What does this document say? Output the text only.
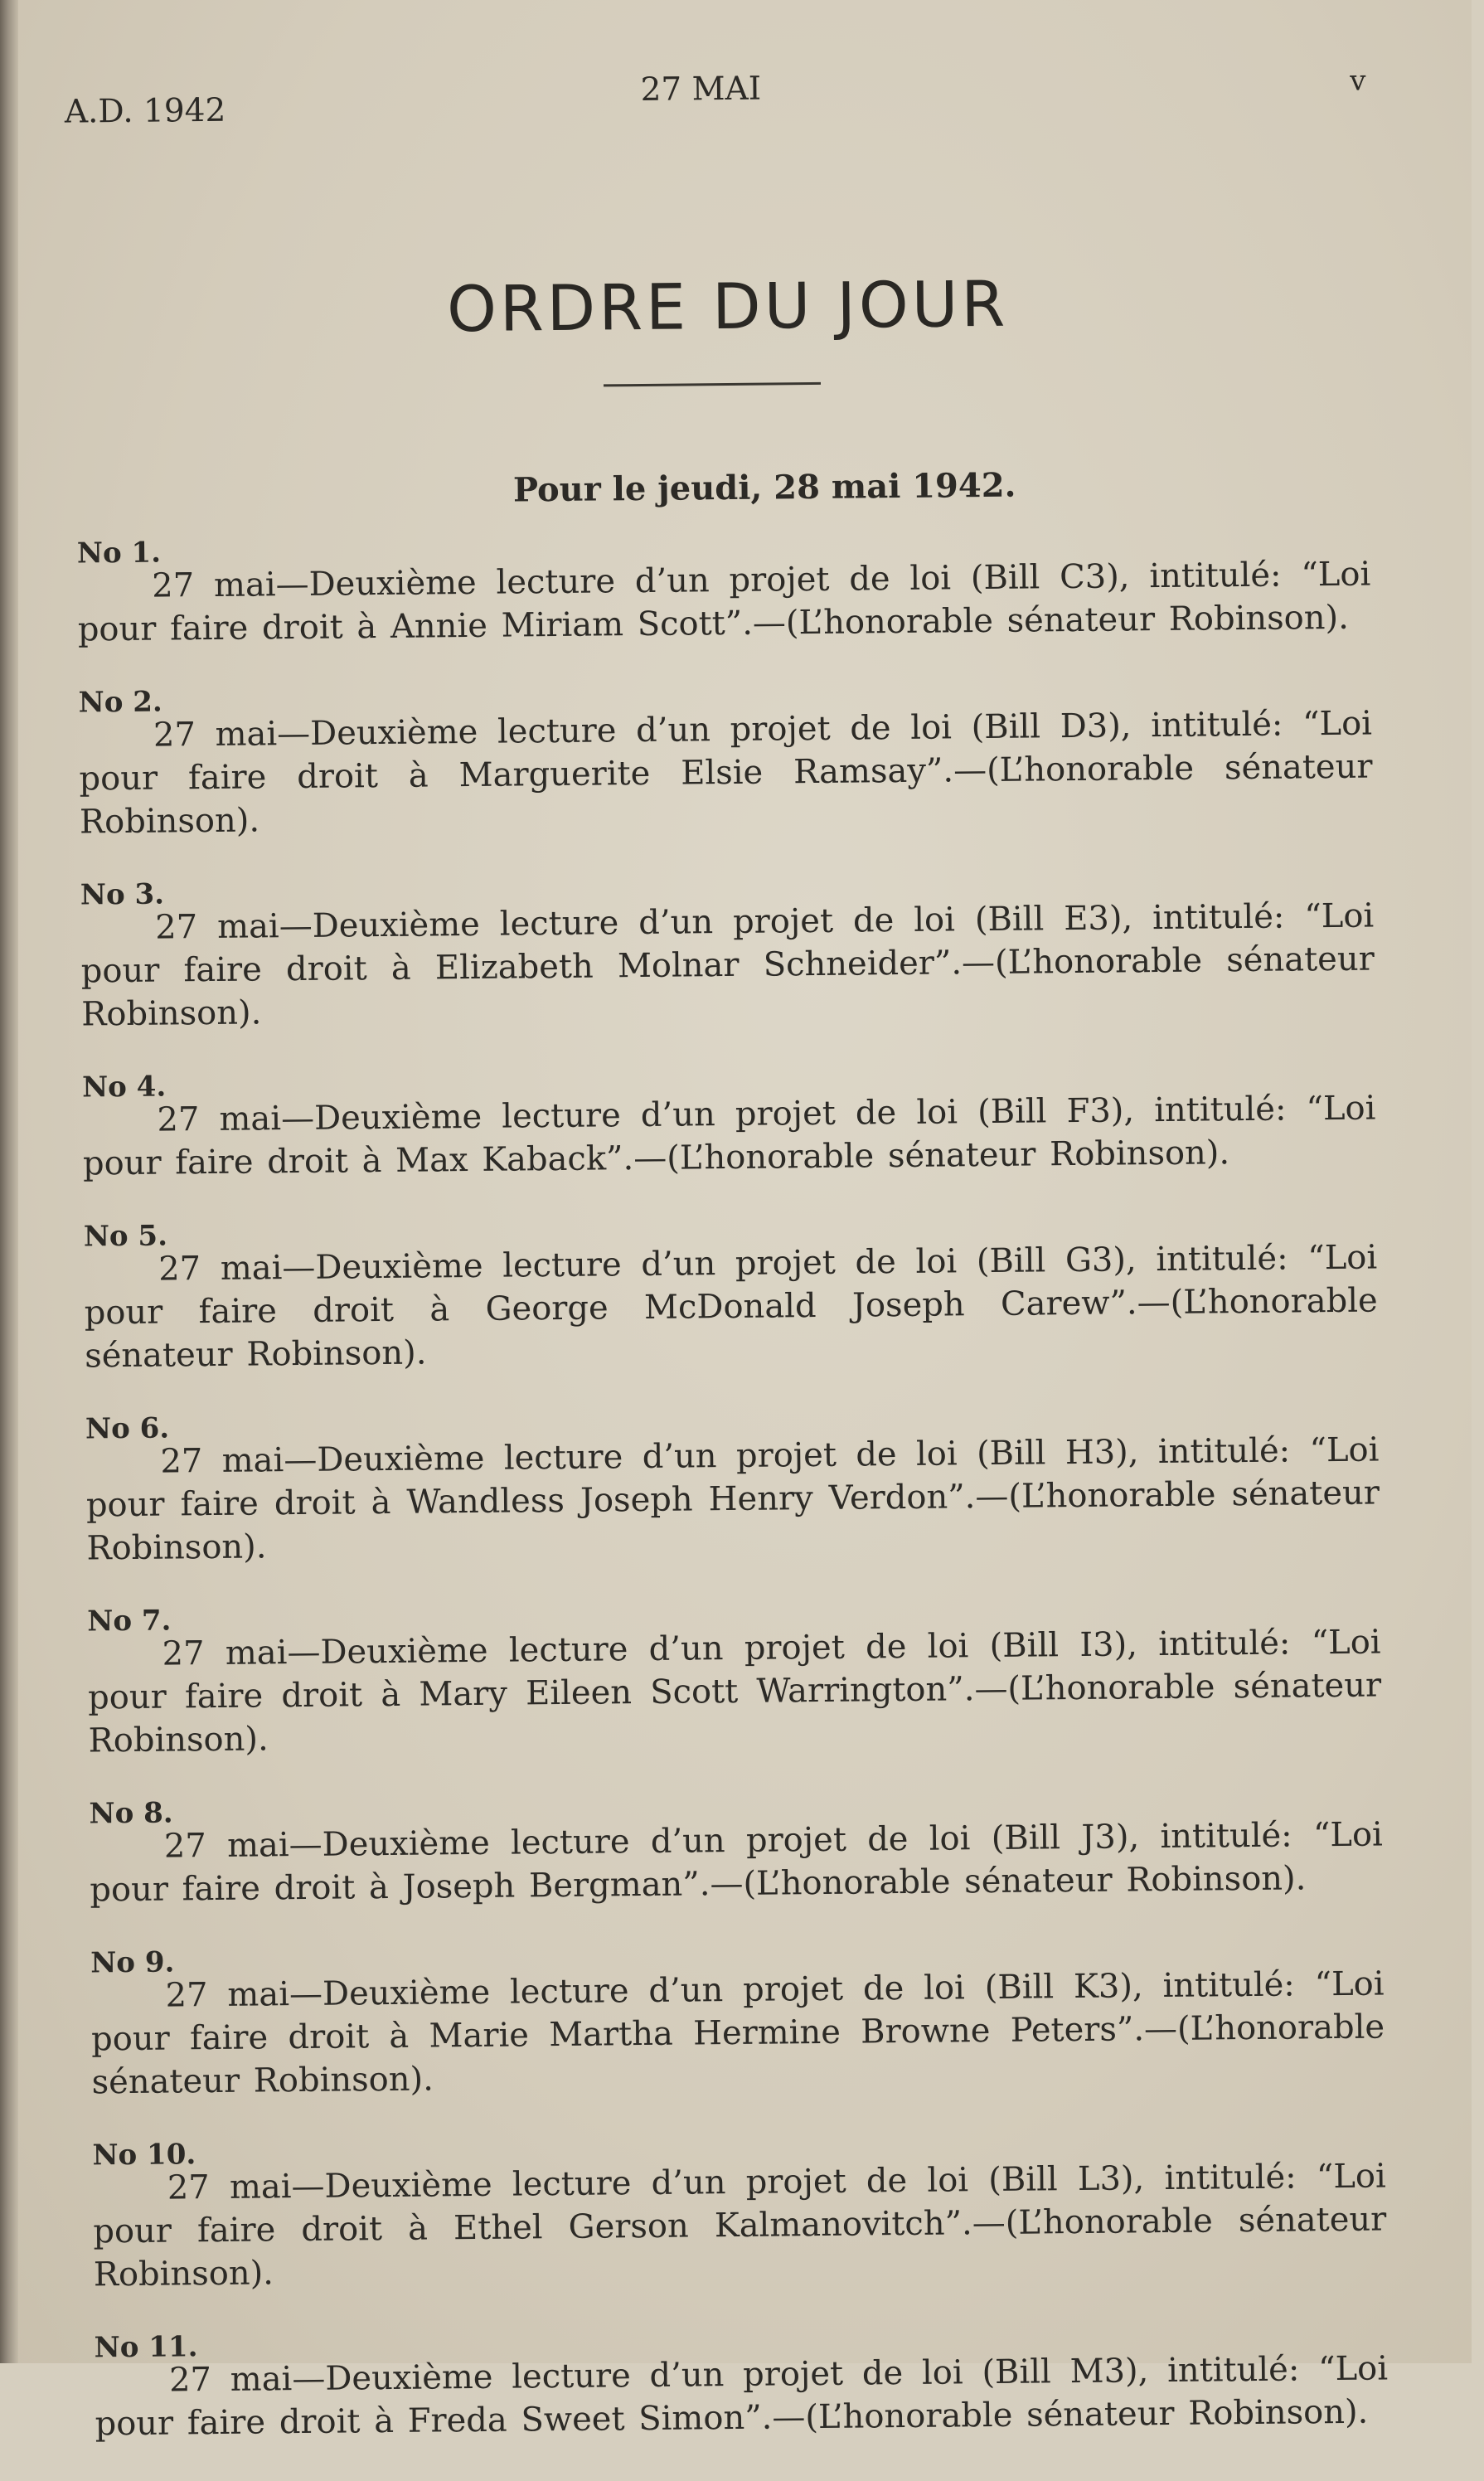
A.D. 1942
27 MAI	v
ORDRE DU JOUR
Pour le jeudi, 28 mai 1942.
No 1.
27 mai—Deuxième lecture d’un projet de loi (Bill C3), intitulé: “Loi pour faire droit à Annie Miriam Scott”.—(L’honorable sénateur Robinson).
No 2.
27 mai—Deuxième lecture d’un projet de loi (Bill D3), intitulé: “Loi pour faire droit à Marguerite Elsie Ramsay”.—(L’honorable sénateur Robinson).
No 3.
27 mai—Deuxième lecture d’un projet de loi (Bill E3), intitulé: “Loi pour faire droit à Elizabeth Molnar Schneider”.—(L’honorable sénateur Robinson).
No 4.
27 mai—Deuxième lecture d’un projet de loi (Bill F3), intitulé: “Loi pour faire droit à Max Kaback”.—(L’honorable sénateur Robinson).
No 5.
27 mai—Deuxième lecture d’un projet de loi (Bill G3), intitulé: “Loi pour faire droit à George McDonald Joseph Carew”.—(L’honorable sénateur Robinson).
No 6.
27 mai—Deuxième lecture d’un projet de loi (Bill H3), intitulé: “Loi pour faire droit à Wandless Joseph Henry Verdon”.—(L’honorable sénateur Robinson).
No 7.
27 mai—Deuxième lecture d’un projet de loi (Bill I3), intitulé: “Loi pour faire droit à Mary Eileen Scott Warrington”.—(L’honorable sénateur Robinson).
No 8.
27 mai—Deuxième lecture d’un projet de loi (Bill J3), intitulé: “Loi pour faire droit à Joseph Bergman”.—(L’honorable sénateur Robinson).
No 9.
27 mai—Deuxième lecture d’un projet de loi (Bill K3), intitulé: “Loi pour faire droit à Marie Martha Hermine Browne Peters”.—(L’honorable sénateur Robinson).
No 10.
27 mai—Deuxième lecture d’un projet de loi (Bill L3), intitulé: “Loi pour faire droit à Ethel Gerson Kalmanovitch”.—(L’honorable sénateur Robinson).
No 11.
27 mai—Deuxième lecture d’un projet de loi (Bill M3), intitulé: “Loi pour faire droit à Freda Sweet Simon”.—(L’honorable sénateur Robinson).
